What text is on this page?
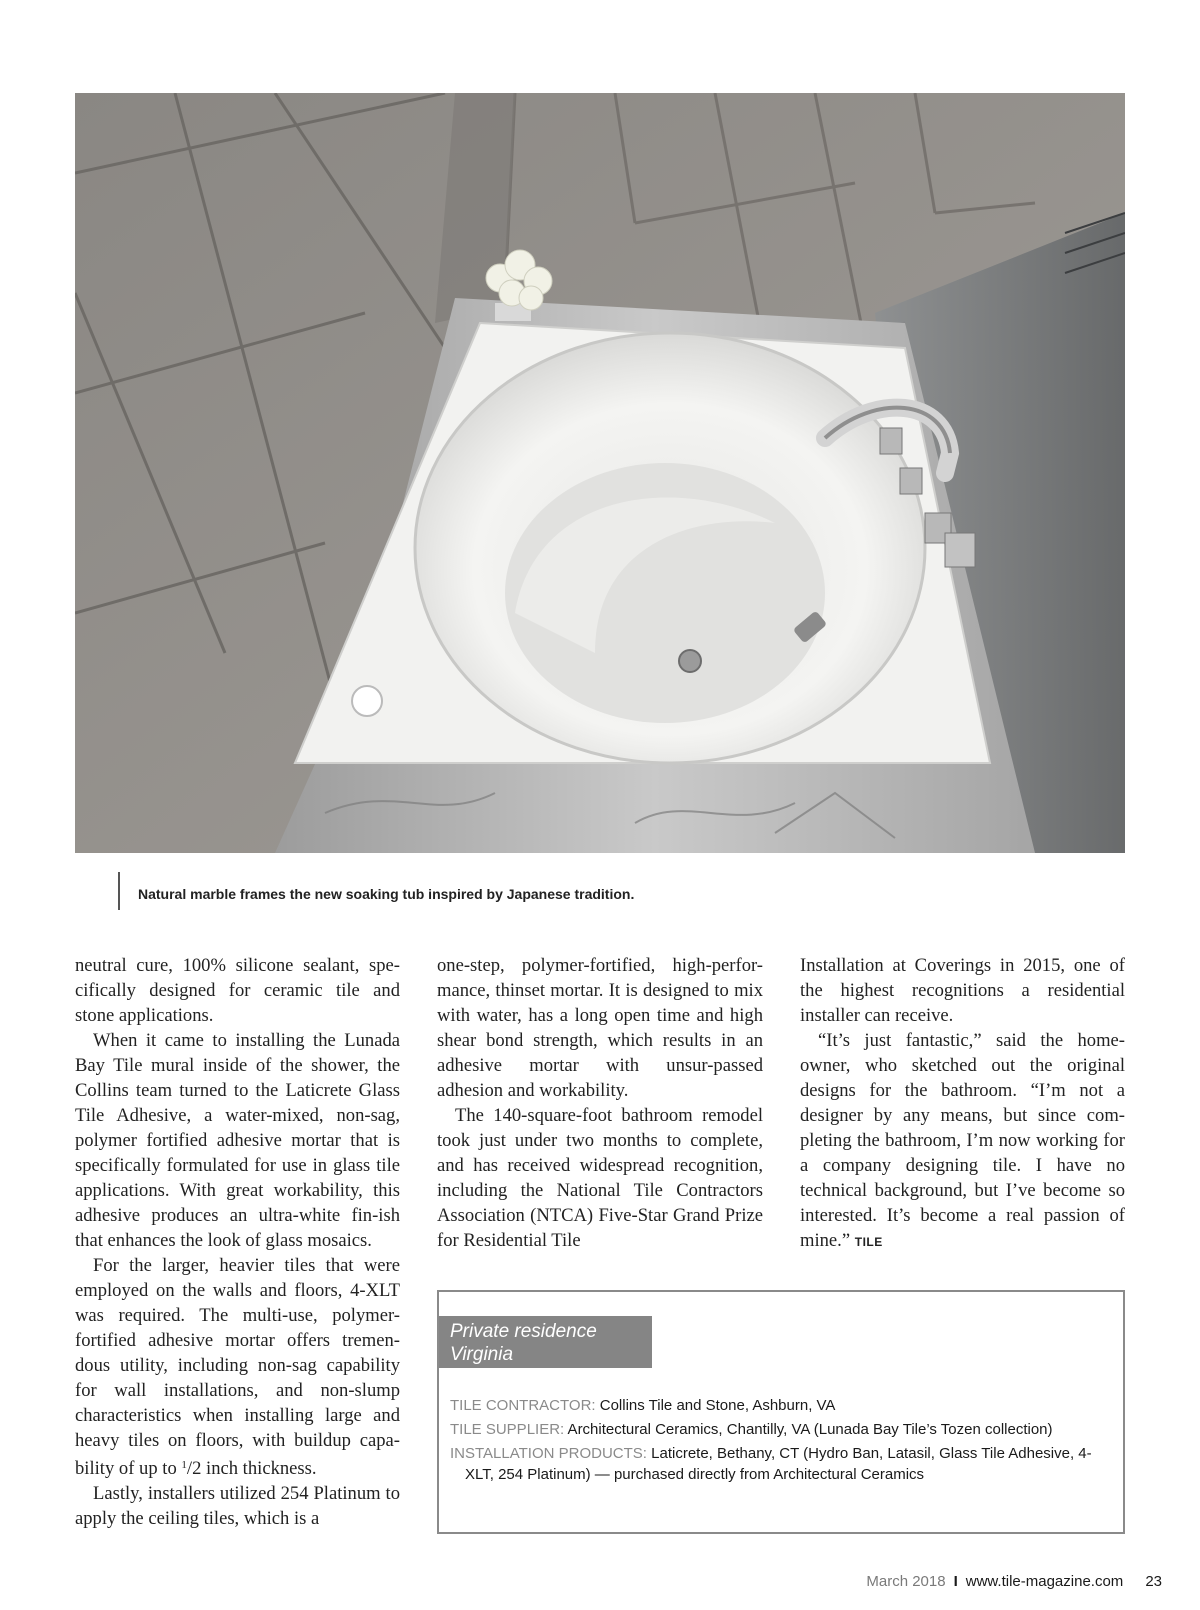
Natural marble frames the new soaking tub inspired by Japanese tradition.

neutral cure, 100% silicone sealant, spe-cifically designed for ceramic tile and stone applications.

When it came to installing the Lunada Bay Tile mural inside of the shower, the Collins team turned to the Laticrete Glass Tile Adhesive, a water-mixed, non-sag, polymer fortified adhesive mortar that is specifically formulated for use in glass tile applications. With great workability, this adhesive produces an ultra-white fin-ish that enhances the look of glass mosaics.

For the larger, heavier tiles that were employed on the walls and floors, 4-XLT was required. The multi-use, polymer-fortified adhesive mortar offers tremen-dous utility, including non-sag capability for wall installations, and non-slump characteristics when installing large and heavy tiles on floors, with buildup capa-bility of up to $^1$/2 inch thickness.

Lastly, installers utilized 254 Platinum to apply the ceiling tiles, which is a

one-step, polymer-fortified, high-perfor-mance, thinset mortar. It is designed to mix with water, has a long open time and high shear bond strength, which results in an adhesive mortar with unsur-passed adhesion and workability.

The 140-square-foot bathroom remodel took just under two months to complete, and has received widespread recognition, including the National Tile Contractors Association (NTCA) Five-Star Grand Prize for Residential Tile

Installation at Coverings in 2015, one of the highest recognitions a residential installer can receive.

“It’s just fantastic,” said the home-owner, who sketched out the original designs for the bathroom. “I’m not a designer by any means, but since com-pleting the bathroom, I’m now working for a company designing tile. I have no technical background, but I’ve become so interested. It’s become a real passion of mine.” TILE

Private residence
Virginia

TILE CONTRACTOR: Collins Tile and Stone, Ashburn, VA

TILE SUPPLIER: Architectural Ceramics, Chantilly, VA (Lunada Bay Tile’s Tozen collection)

INSTALLATION PRODUCTS: Laticrete, Bethany, CT (Hydro Ban, Latasil, Glass Tile Adhesive, 4-XLT, 254 Platinum) — purchased directly from Architectural Ceramics

March 2018 I www.tile-magazine.com 23
